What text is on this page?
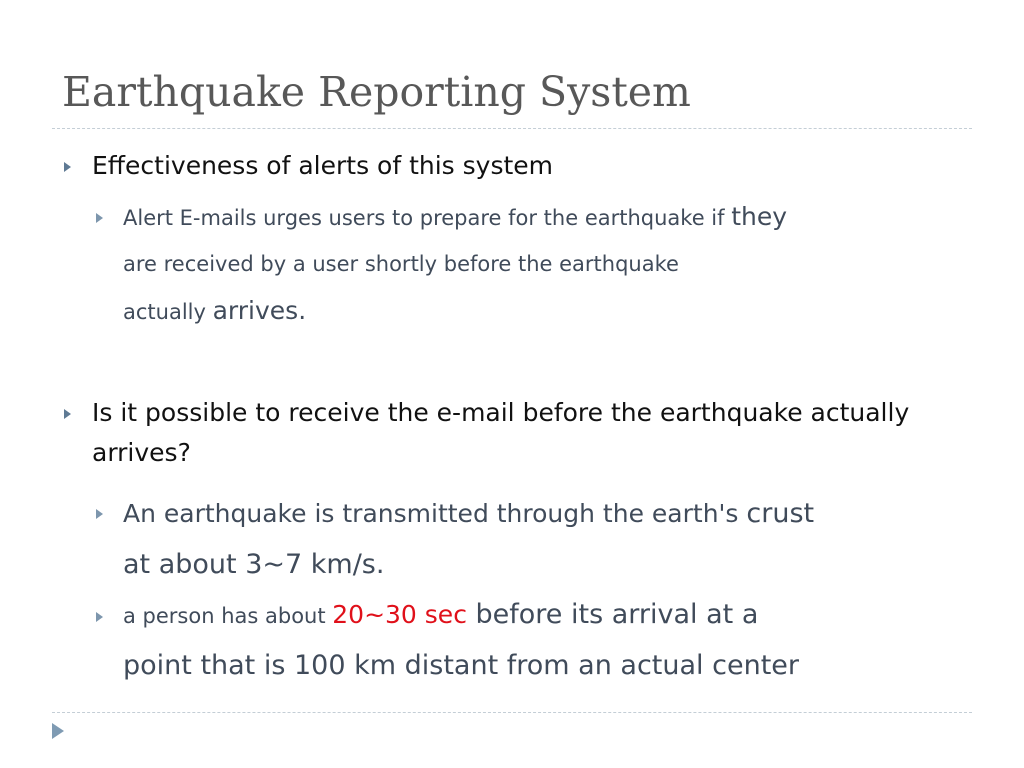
Earthquake Reporting System
Effectiveness of alerts of this system
Alert E-mails urges users to prepare for the earthquake if they
are received by a user shortly before the earthquake
actually arrives.
Is it possible to receive the e-mail before the earthquake actually arrives?
An earthquake is transmitted through the earth's crust
at about 3~7 km/s.
a person has about 20~30 sec before its arrival at a
point that is 100 km distant from an actual center
